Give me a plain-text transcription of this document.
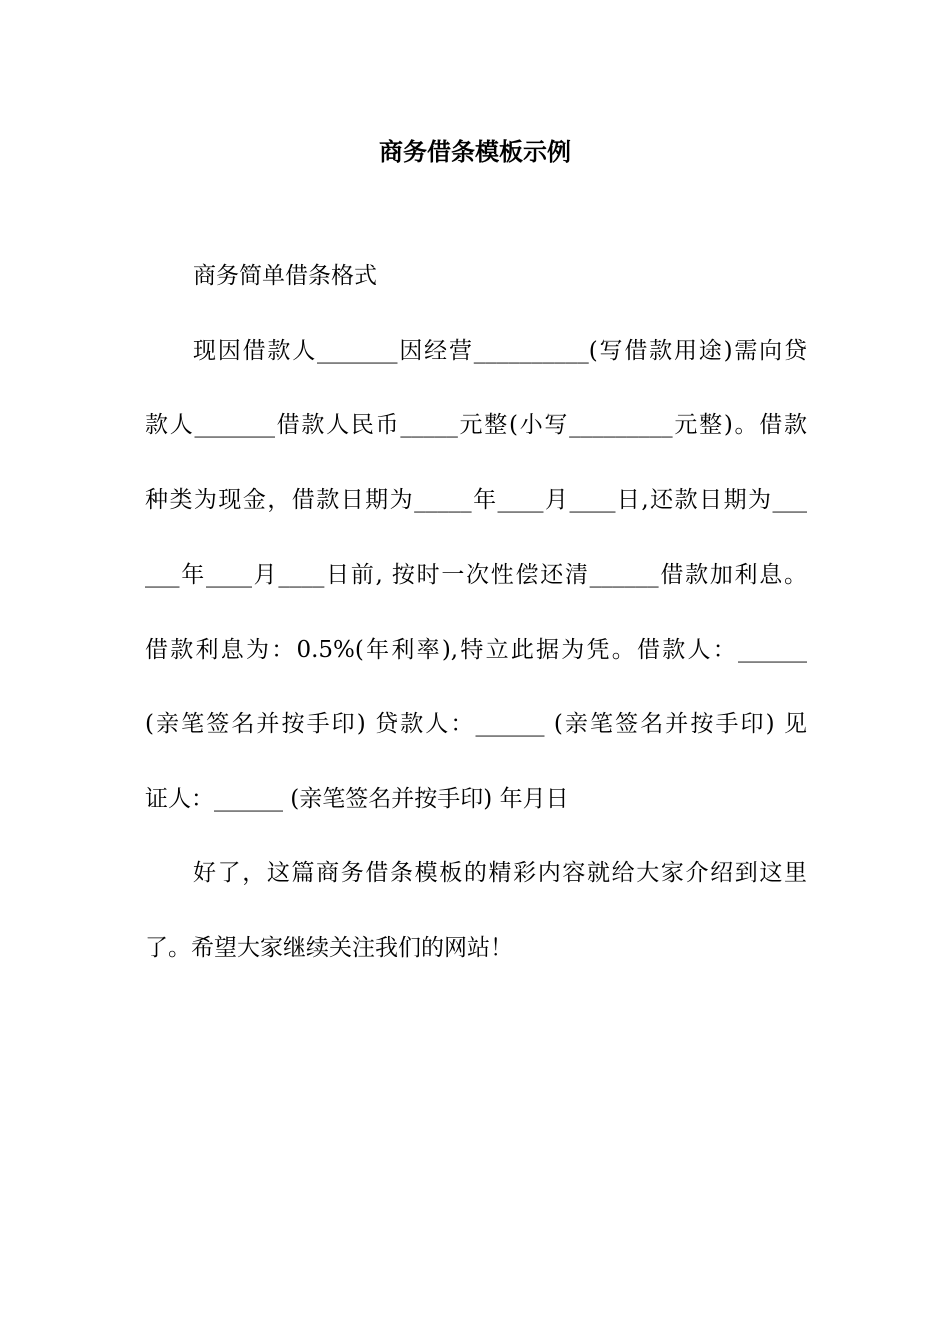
商务借条模板示例
商务简单借条格式
现因借款人_______因经营__________(写借款用途)需向贷
款人_______借款人民币_____元整(小写_________元整)。借款
种类为现金，借款日期为_____年____月____日,还款日期为___
___年____月____日前, 按时一次性偿还清______借款加利息。
借款利息为：0.5%(年利率),特立此据为凭。借款人：______
(亲笔签名并按手印) 贷款人：______ (亲笔签名并按手印) 见
证人：______ (亲笔签名并按手印) 年月日
好了，这篇商务借条模板的精彩内容就给大家介绍到这里
了。希望大家继续关注我们的网站！
